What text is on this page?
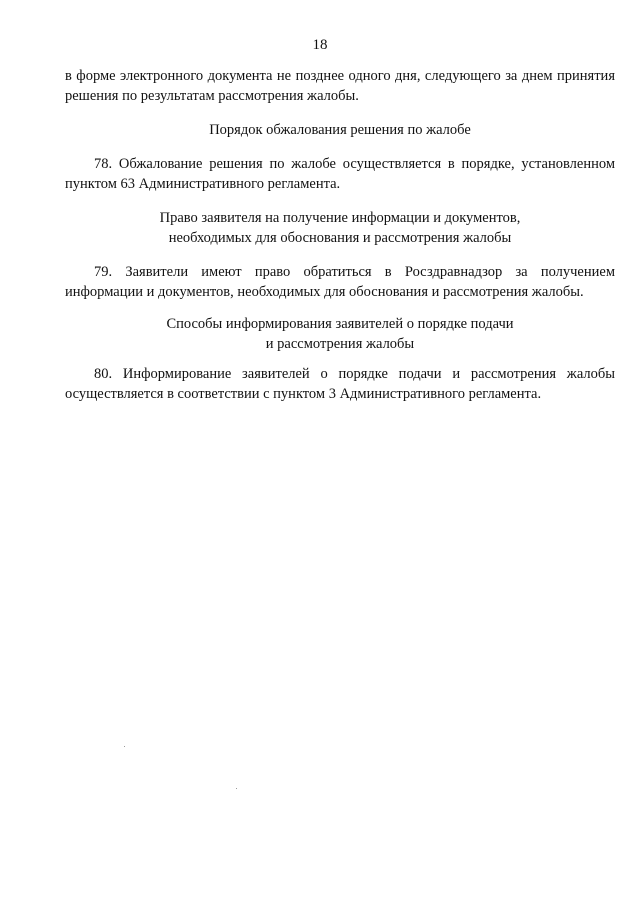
18

в форме электронного документа не позднее одного дня, следующего за днем принятия решения по результатам рассмотрения жалобы.

Порядок обжалования решения по жалобе

78. Обжалование решения по жалобе осуществляется в порядке, установленном пунктом 63 Административного регламента.

Право заявителя на получение информации и документов,
необходимых для обоснования и рассмотрения жалобы

79. Заявители имеют право обратиться в Росздравнадзор за получением информации и документов, необходимых для обоснования и рассмотрения жалобы.

Способы информирования заявителей о порядке подачи
и рассмотрения жалобы

80. Информирование заявителей о порядке подачи и рассмотрения жалобы осуществляется в соответствии с пунктом 3 Административного регламента.
